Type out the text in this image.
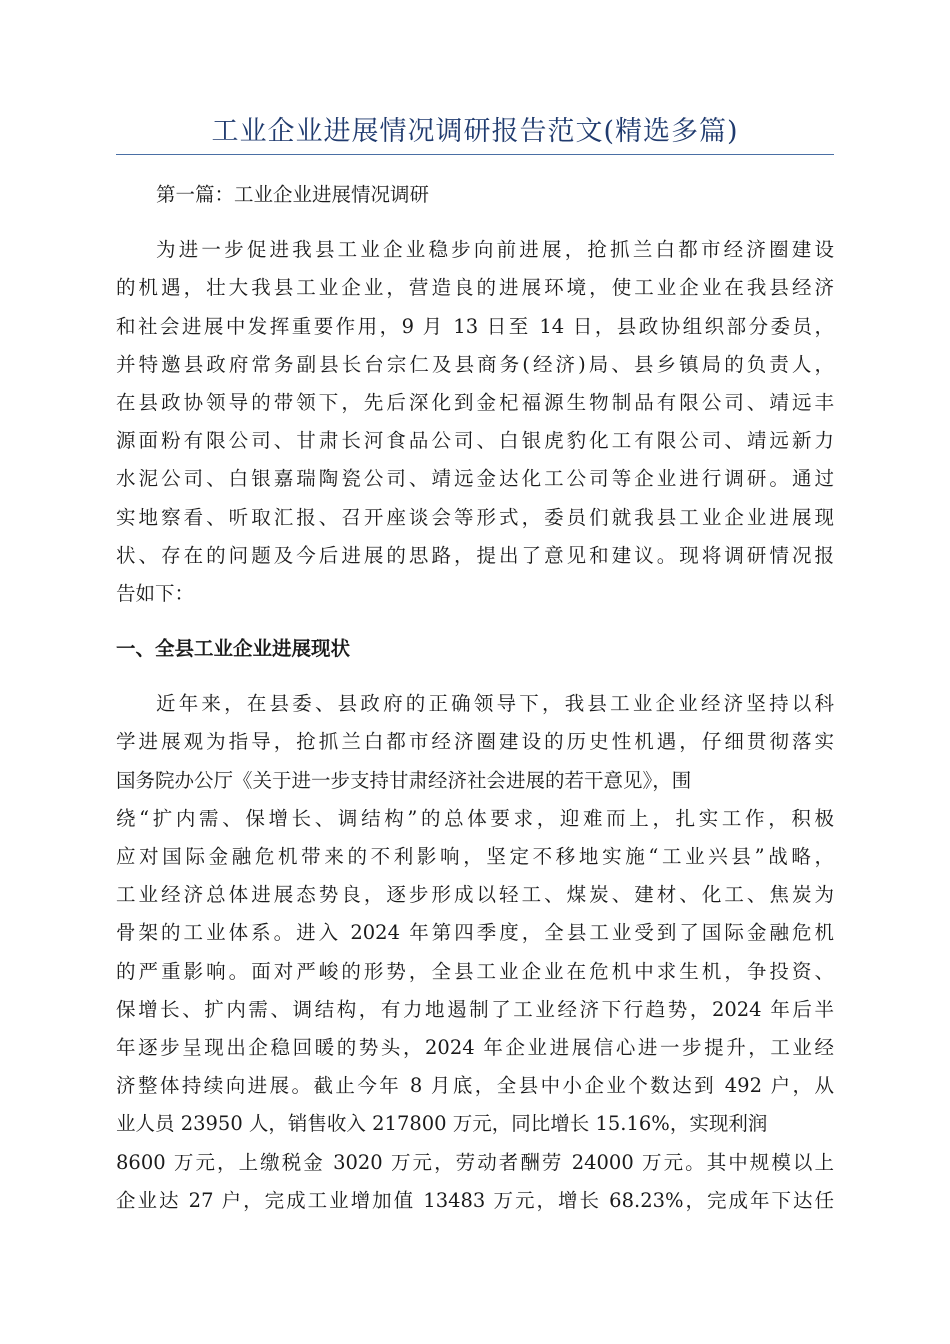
工业企业进展情况调研报告范文(精选多篇)
第一篇：工业企业进展情况调研
为进一步促进我县工业企业稳步向前进展，抢抓兰白都市经济圈建设
的机遇，壮大我县工业企业，营造良的进展环境，使工业企业在我县经济
和社会进展中发挥重要作用，9 月 13 日至 14 日，县政协组织部分委员，
并特邀县政府常务副县长台宗仁及县商务(经济)局、县乡镇局的负责人，
在县政协领导的带领下，先后深化到金杞福源生物制品有限公司、靖远丰
源面粉有限公司、甘肃长河食品公司、白银虎豹化工有限公司、靖远新力
水泥公司、白银嘉瑞陶瓷公司、靖远金达化工公司等企业进行调研。通过
实地察看、听取汇报、召开座谈会等形式，委员们就我县工业企业进展现
状、存在的问题及今后进展的思路，提出了意见和建议。现将调研情况报
告如下：
一、全县工业企业进展现状
近年来，在县委、县政府的正确领导下，我县工业企业经济坚持以科
学进展观为指导，抢抓兰白都市经济圈建设的历史性机遇，仔细贯彻落实
国务院办公厅《关于进一步支持甘肃经济社会进展的若干意见》，围
绕“扩内需、保增长、调结构”的总体要求，迎难而上，扎实工作，积极
应对国际金融危机带来的不利影响，坚定不移地实施“工业兴县”战略，
工业经济总体进展态势良，逐步形成以轻工、煤炭、建材、化工、焦炭为
骨架的工业体系。进入 2024 年第四季度，全县工业受到了国际金融危机
的严重影响。面对严峻的形势，全县工业企业在危机中求生机，争投资、
保增长、扩内需、调结构，有力地遏制了工业经济下行趋势，2024 年后半
年逐步呈现出企稳回暖的势头，2024 年企业进展信心进一步提升，工业经
济整体持续向进展。截止今年 8 月底，全县中小企业个数达到 492 户，从
业人员 23950 人，销售收入 217800 万元，同比增长 15.16%，实现利润
8600 万元，上缴税金 3020 万元，劳动者酬劳 24000 万元。其中规模以上
企业达 27 户，完成工业增加值 13483 万元，增长 68.23%，完成年下达任
